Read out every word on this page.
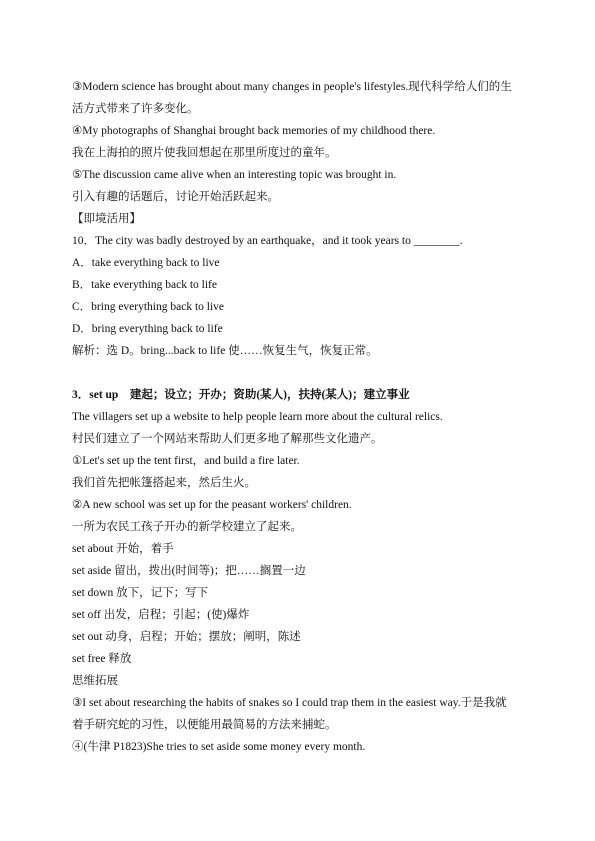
③Modern science has brought about many changes in people's lifestyles.现代科学给人们的生
活方式带来了许多变化。
④My photographs of Shanghai brought back memories of my childhood there.
我在上海拍的照片使我回想起在那里所度过的童年。
⑤The discussion came alive when an interesting topic was brought in.
引入有趣的话题后，讨论开始活跃起来。
【即境活用】
10．The city was badly destroyed by an earthquake，and it took years to ________.
A．take everything back to live
B．take everything back to life
C．bring everything back to live
D．bring everything back to life
解析：选 D。bring...back to life 使……恢复生气，恢复正常。
3．set up　建起；设立；开办；资助(某人)，扶持(某人)；建立事业
The villagers set up a website to help people learn more about the cultural relics.
村民们建立了一个网站来帮助人们更多地了解那些文化遗产。
①Let's set up the tent first，and build a fire later.
我们首先把帐篷搭起来，然后生火。
②A new school was set up for the peasant workers' children.
一所为农民工孩子开办的新学校建立了起来。
set about 开始，着手
set aside 留出，拨出(时间等)；把……搁置一边
set down 放下，记下；写下
set off 出发，启程；引起；(使)爆炸
set out 动身，启程；开始；摆放；阐明，陈述
set free 释放
思维拓展
③I set about researching the habits of snakes so I could trap them in the easiest way.于是我就
着手研究蛇的习性，以便能用最简易的方法来捕蛇。
④(牛津 P1823)She tries to set aside some money every month.
